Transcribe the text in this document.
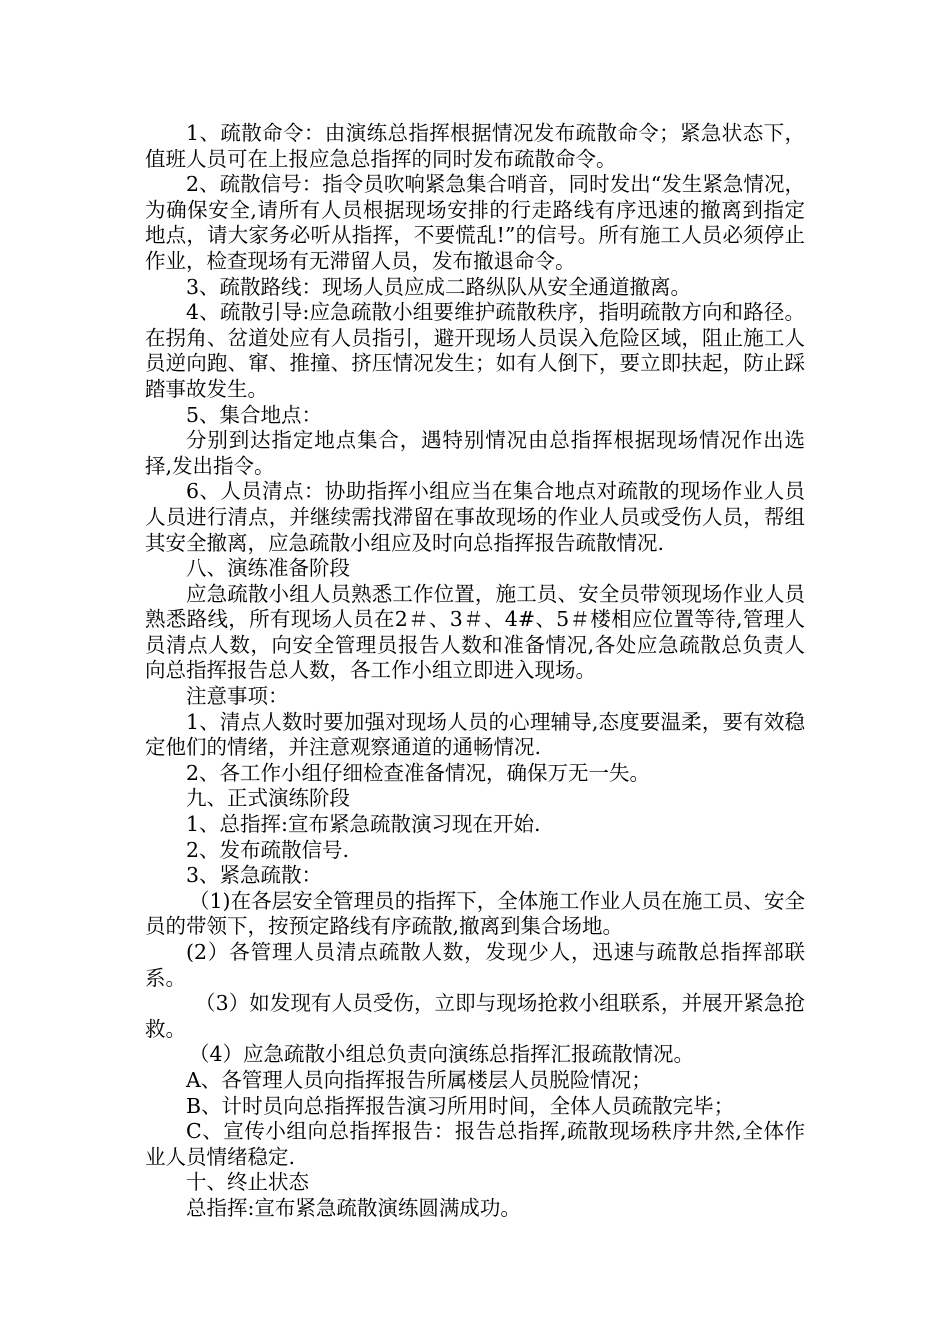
1、疏散命令：由演练总指挥根据情况发布疏散命令；紧急状态下，值班人员可在上报应急总指挥的同时发布疏散命令。

2、疏散信号：指令员吹响紧急集合哨音，同时发出“发生紧急情况，为确保安全,请所有人员根据现场安排的行走路线有序迅速的撤离到指定地点，请大家务必听从指挥，不要慌乱!”的信号。所有施工人员必须停止作业，检查现场有无滞留人员，发布撤退命令。

3、疏散路线：现场人员应成二路纵队从安全通道撤离。

4、疏散引导:应急疏散小组要维护疏散秩序，指明疏散方向和路径。在拐角、岔道处应有人员指引，避开现场人员误入危险区域，阻止施工人员逆向跑、窜、推撞、挤压情况发生；如有人倒下，要立即扶起，防止踩踏事故发生。

5、集合地点：

分别到达指定地点集合，遇特别情况由总指挥根据现场情况作出选择,发出指令。

6、人员清点：协助指挥小组应当在集合地点对疏散的现场作业人员人员进行清点，并继续需找滞留在事故现场的作业人员或受伤人员，帮组其安全撤离，应急疏散小组应及时向总指挥报告疏散情况.

八、演练准备阶段

应急疏散小组人员熟悉工作位置，施工员、安全员带领现场作业人员熟悉路线，所有现场人员在2＃、3＃、4#、5＃楼相应位置等待,管理人员清点人数，向安全管理员报告人数和准备情况,各处应急疏散总负责人向总指挥报告总人数，各工作小组立即进入现场。

注意事项：

1、清点人数时要加强对现场人员的心理辅导,态度要温柔，要有效稳定他们的情绪，并注意观察通道的通畅情况.

2、各工作小组仔细检查准备情况，确保万无一失。

九、正式演练阶段

1、总指挥:宣布紧急疏散演习现在开始.

2、发布疏散信号.

3、紧急疏散：

（1)在各层安全管理员的指挥下，全体施工作业人员在施工员、安全员的带领下，按预定路线有序疏散,撤离到集合场地。

(2）各管理人员清点疏散人数，发现少人，迅速与疏散总指挥部联系。

（3）如发现有人员受伤，立即与现场抢救小组联系，并展开紧急抢救。

（4）应急疏散小组总负责向演练总指挥汇报疏散情况。

A、各管理人员向指挥报告所属楼层人员脱险情况；

B、计时员向总指挥报告演习所用时间，全体人员疏散完毕；

C、宣传小组向总指挥报告：报告总指挥,疏散现场秩序井然,全体作业人员情绪稳定.

十、终止状态

总指挥:宣布紧急疏散演练圆满成功。
